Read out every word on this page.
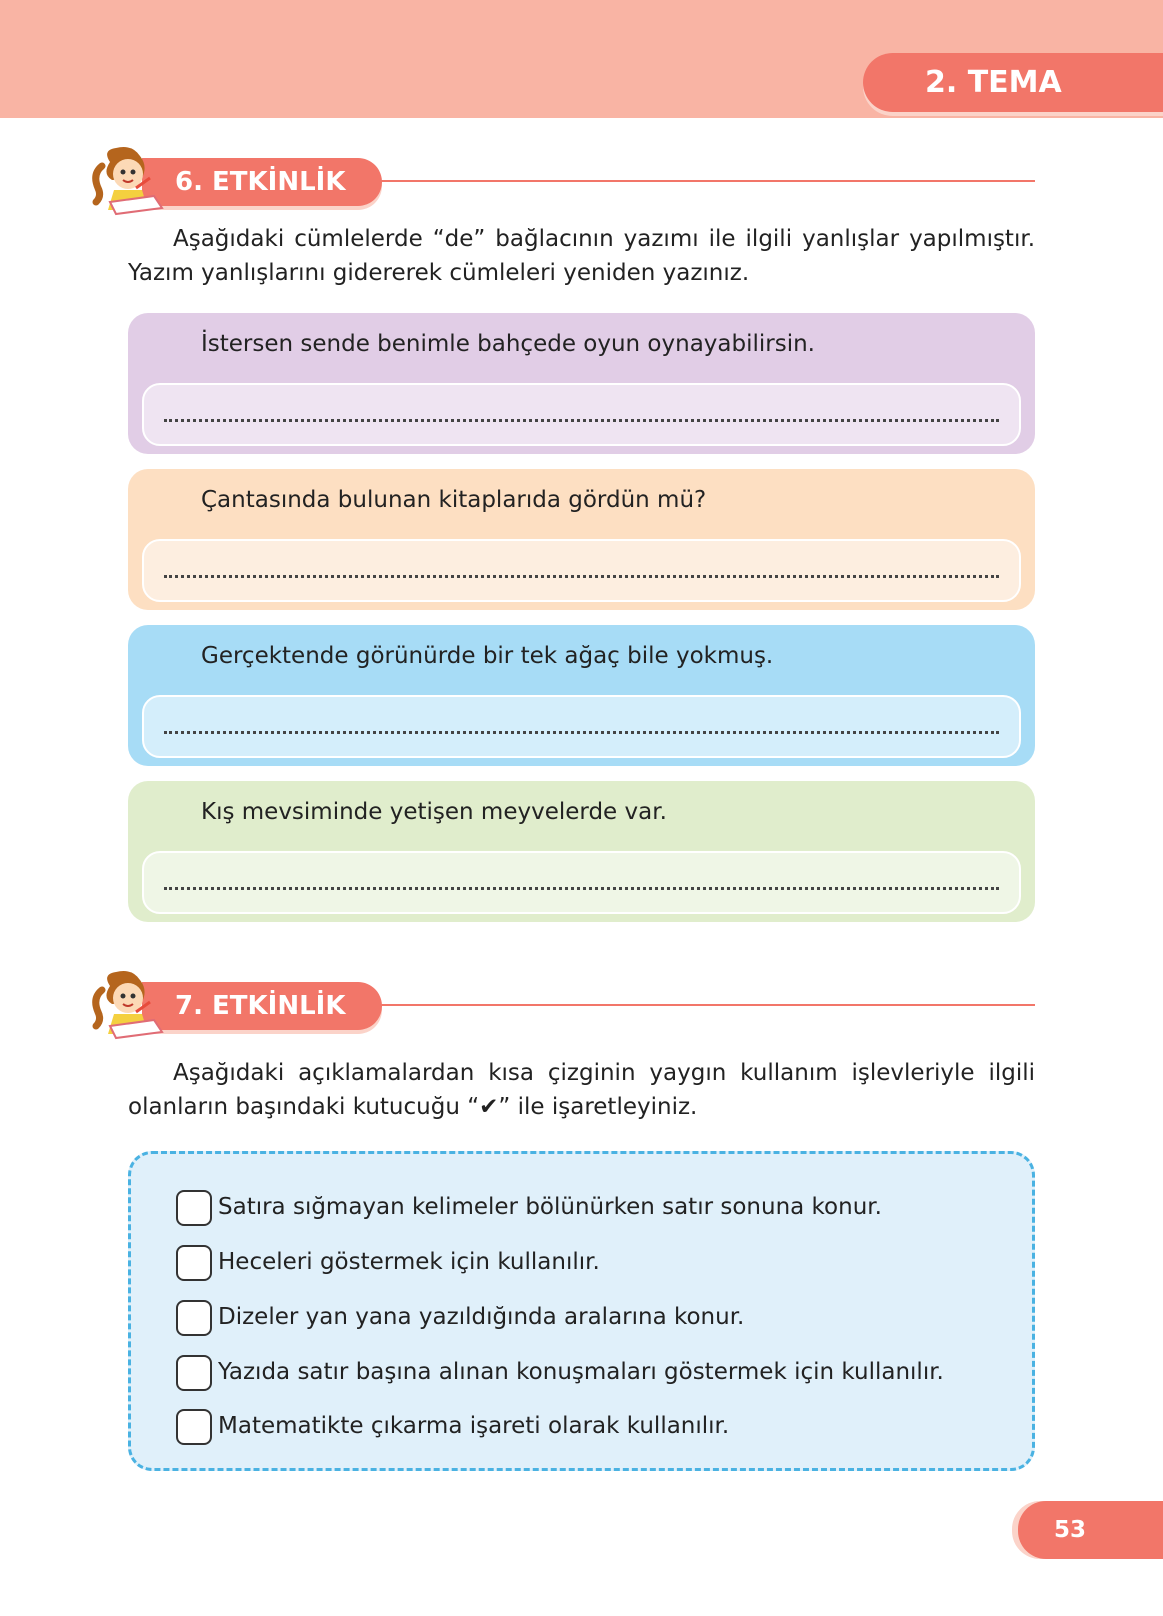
2. TEMA
6. ETKİNLİK

Aşağıdaki cümlelerde “de” bağlacının yazımı ile ilgili yanlışlar yapılmıştır. Yazım yanlışlarını gidererek cümleleri yeniden yazınız.

İstersen sende benimle bahçede oyun oynayabilirsin.
Çantasında bulunan kitaplarıda gördün mü?
Gerçektende görünürde bir tek ağaç bile yokmuş.
Kış mevsiminde yetişen meyvelerde var.
7. ETKİNLİK

Aşağıdaki açıklamalardan kısa çizginin yaygın kullanım işlevleriyle ilgili olanların başındaki kutucuğu “✔” ile işaretleyiniz.

Satıra sığmayan kelimeler bölünürken satır sonuna konur.
Heceleri göstermek için kullanılır.
Dizeler yan yana yazıldığında aralarına konur.
Yazıda satır başına alınan konuşmaları göstermek için kullanılır.
Matematikte çıkarma işareti olarak kullanılır.
53
